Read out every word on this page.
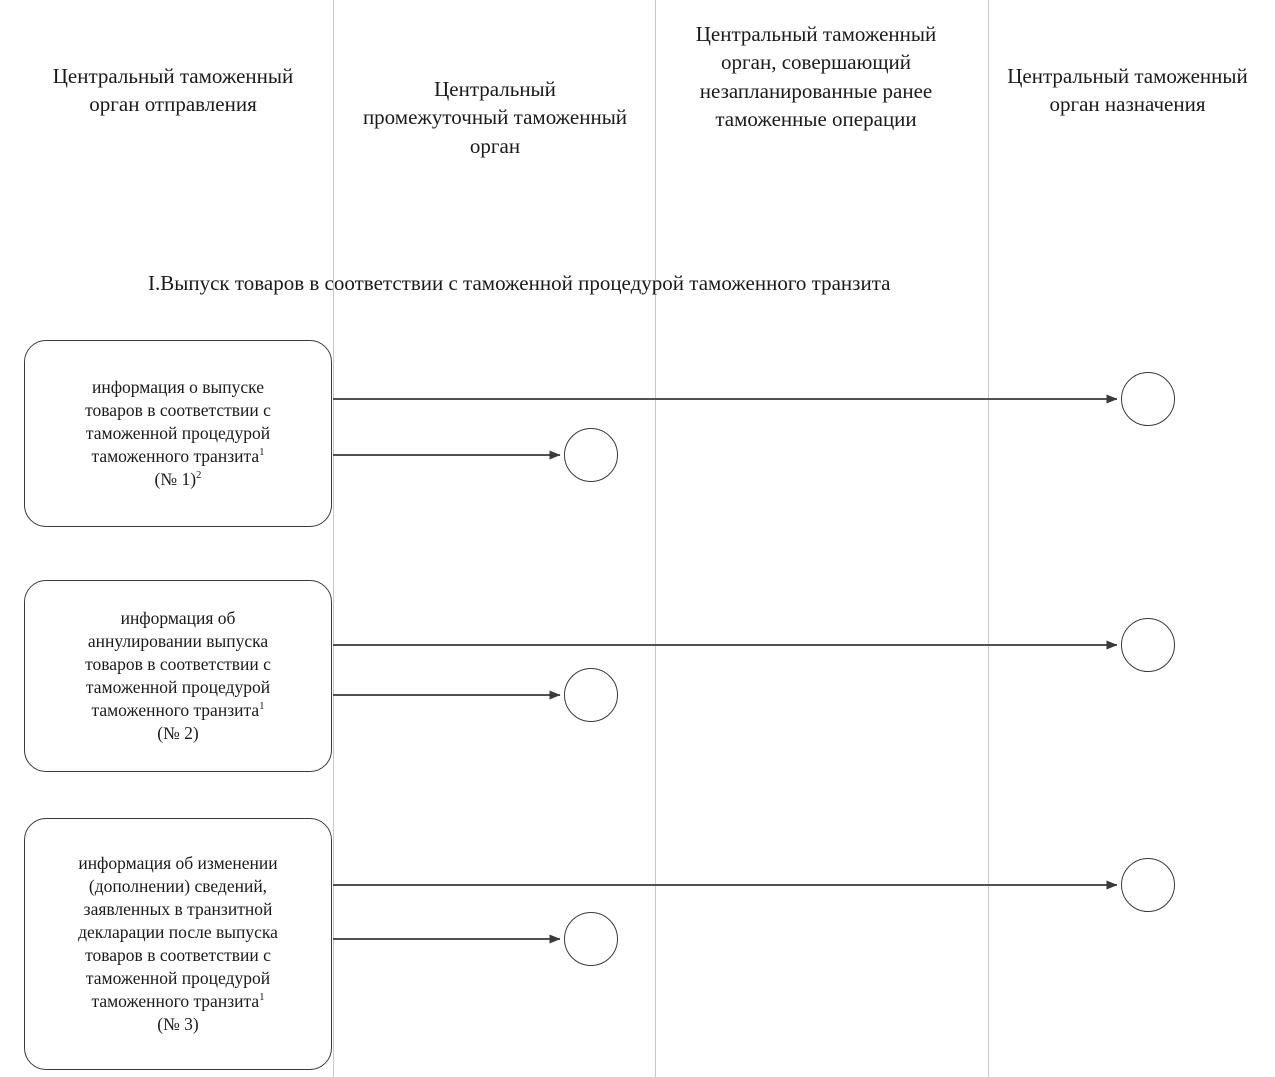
Центральный таможенный орган отправления
Центральный промежуточный таможенный орган
Центральный таможенный орган, совершающий незапланированные ранее таможенные операции
Центральный таможенный орган назначения
I.Выпуск товаров в соответствии с таможенной процедурой таможенного транзита
информация о выпуске
товаров в соответствии с
таможенной процедурой
таможенного транзита$^1$
(№ 1)$^2$
информация об
аннулировании выпуска
товаров в соответствии с
таможенной процедурой
таможенного транзита$^1$
(№ 2)
информация об изменении
(дополнении) сведений,
заявленных в транзитной
декларации после выпуска
товаров в соответствии с
таможенной процедурой
таможенного транзита$^1$
(№ 3)
